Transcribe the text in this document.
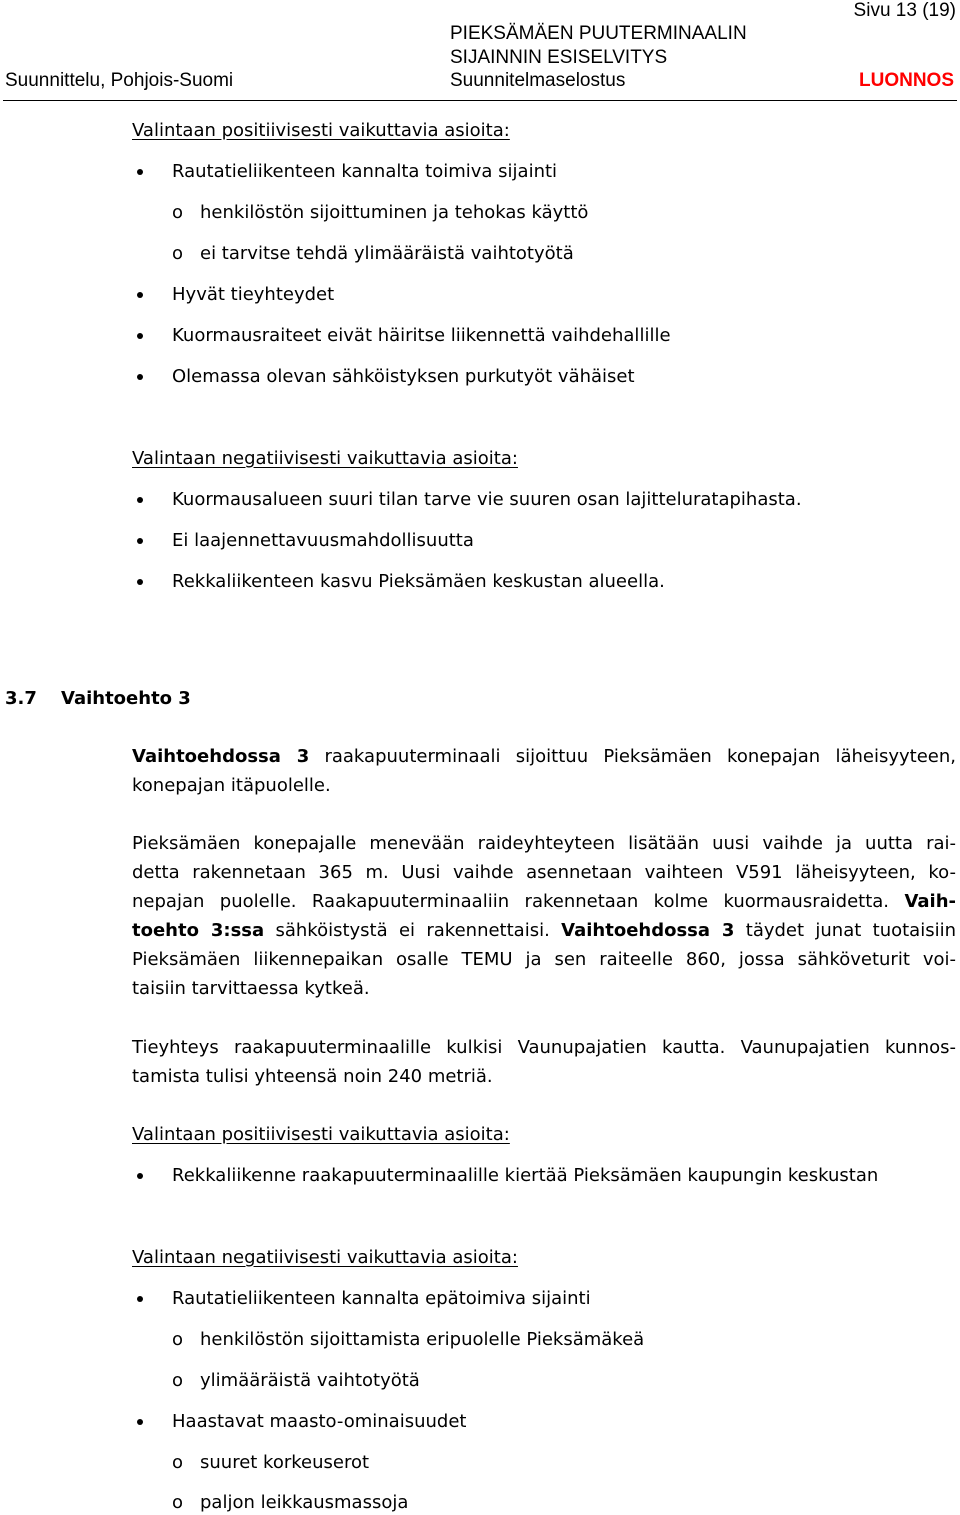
Sivu 13 (19)
PIEKSÄMÄEN PUUTERMINAALIN
SIJAINNIN ESISELVITYS
Suunnittelu, Pohjois-Suomi	Suunnitelmaselostus	LUONNOS
Valintaan positiivisesti vaikuttavia asioita:
Rautatieliikenteen kannalta toimiva sijainti
o henkilöstön sijoittuminen ja tehokas käyttö
o ei tarvitse tehdä ylimääräistä vaihtotyötä
Hyvät tieyhteydet
Kuormausraiteet eivät häiritse liikennettä vaihdehallille
Olemassa olevan sähköistyksen purkutyöt vähäiset
Valintaan negatiivisesti vaikuttavia asioita:
Kuormausalueen suuri tilan tarve vie suuren osan lajitteluratapihasta.
Ei laajennettavuusmahdollisuutta
Rekkaliikenteen kasvu Pieksämäen keskustan alueella.
3.7 Vaihtoehto 3
Vaihtoehdossa 3 raakapuuterminaali sijoittuu Pieksämäen konepajan läheisyyteen,
konepajan itäpuolelle.
Pieksämäen konepajalle menevään raideyhteyteen lisätään uusi vaihde ja uutta rai-
detta rakennetaan 365 m. Uusi vaihde asennetaan vaihteen V591 läheisyyteen, ko-
nepajan puolelle. Raakapuuterminaaliin rakennetaan kolme kuormausraidetta. Vaih-
toehto 3:ssa sähköistystä ei rakennettaisi. Vaihtoehdossa 3 täydet junat tuotaisiin
Pieksämäen liikennepaikan osalle TEMU ja sen raiteelle 860, jossa sähköveturit voi-
taisiin tarvittaessa kytkeä.
Tieyhteys raakapuuterminaalille kulkisi Vaunupajatien kautta. Vaunupajatien kunnos-
tamista tulisi yhteensä noin 240 metriä.
Valintaan positiivisesti vaikuttavia asioita:
Rekkaliikenne raakapuuterminaalille kiertää Pieksämäen kaupungin keskustan
Valintaan negatiivisesti vaikuttavia asioita:
Rautatieliikenteen kannalta epätoimiva sijainti
o henkilöstön sijoittamista eripuolelle Pieksämäkeä
o ylimääräistä vaihtotyötä
Haastavat maasto-ominaisuudet
o suuret korkeuserot
o paljon leikkausmassoja
